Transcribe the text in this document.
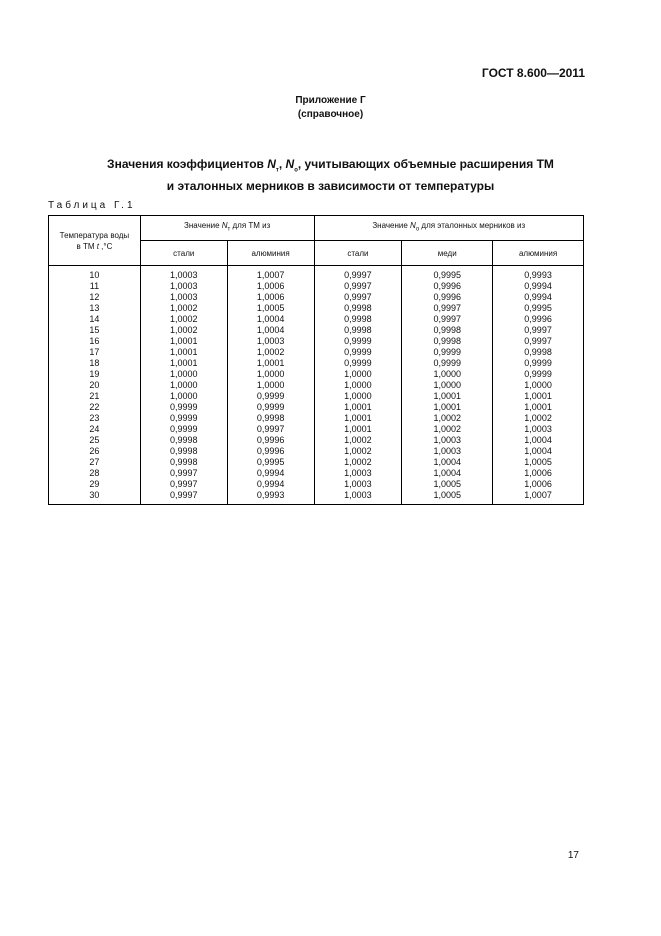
ГОСТ 8.600—2011
Приложение Г
(справочное)
Значения коэффициентов $N_т$, $N_о$, учитывающих объемные расширения ТМ
и эталонных мерников в зависимости от температуры
Таблица Г.1
Температура воды
в ТМ t ,°C	Значение $N_т$ для ТМ из		Значение $N_о$ для эталонных мерников из		
	стали	алюминия	стали	меди	алюминия
10	1,0003	1,0007	0,9997	0,9995	0,9993
11	1,0003	1,0006	0,9997	0,9996	0,9994
12	1,0003	1,0006	0,9997	0,9996	0,9994
13	1,0002	1,0005	0,9998	0,9997	0,9995
14	1,0002	1,0004	0,9998	0,9997	0,9996
15	1,0002	1,0004	0,9998	0,9998	0,9997
16	1,0001	1,0003	0,9999	0,9998	0,9997
17	1,0001	1,0002	0,9999	0,9999	0,9998
18	1,0001	1,0001	0,9999	0,9999	0,9999
19	1,0000	1,0000	1,0000	1,0000	0,9999
20	1,0000	1,0000	1,0000	1,0000	1,0000
21	1,0000	0,9999	1,0000	1,0001	1,0001
22	0,9999	0,9999	1,0001	1,0001	1,0001
23	0,9999	0,9998	1,0001	1,0002	1,0002
24	0,9999	0,9997	1,0001	1,0002	1,0003
25	0,9998	0,9996	1,0002	1,0003	1,0004
26	0,9998	0,9996	1,0002	1,0003	1,0004
27	0,9998	0,9995	1,0002	1,0004	1,0005
28	0,9997	0,9994	1,0003	1,0004	1,0006
29	0,9997	0,9994	1,0003	1,0005	1,0006
30	0,9997	0,9993	1,0003	1,0005	1,0007
17
